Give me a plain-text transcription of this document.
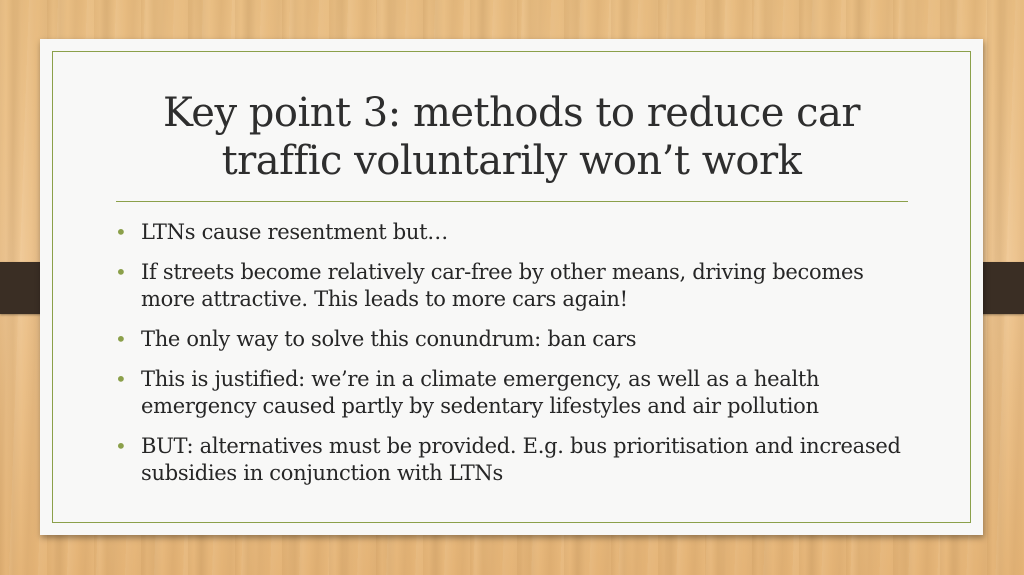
Key point 3: methods to reduce car traffic voluntarily won’t work
• LTNs cause resentment but…
• If streets become relatively car-free by other means, driving becomes more attractive. This leads to more cars again!
• The only way to solve this conundrum: ban cars
• This is justified: we’re in a climate emergency, as well as a health emergency caused partly by sedentary lifestyles and air pollution
• BUT: alternatives must be provided. E.g. bus prioritisation and increased subsidies in conjunction with LTNs
